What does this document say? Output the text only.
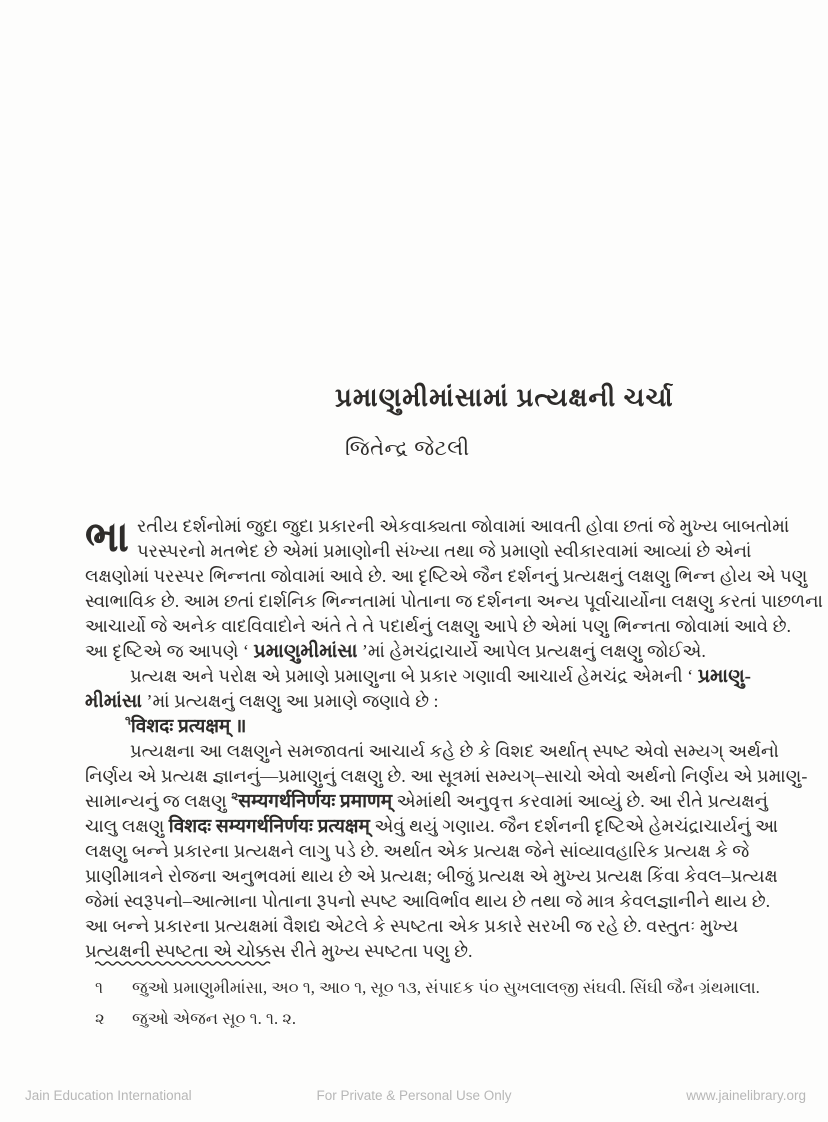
પ્રમાણુમીમાંસામાં પ્રત્યક્ષની ચર્ચા
જિતેન્દ્ર જેટલી
ભા રતીય દર્શનોમાં જુદા જુદા પ્રકારની એકવાક્યતા જોવામાં આવતી હોવા છતાં જે મુખ્ય બાબતોમાં
પરસ્પરનો મતભેદ છે એમાં પ્રમાણોની સંખ્યા તથા જે પ્રમાણો સ્વીકારવામાં આવ્યાં છે એનાં
લક્ષણોમાં પરસ્પર ભિન્નતા જોવામાં આવે છે. આ દૃષ્ટિએ જૈન દર્શનનું પ્રત્યક્ષનું લક્ષણુ ભિન્ન હોય એ પણુ
સ્વાભાવિક છે. આમ છતાં દાર્શનિક ભિન્નતામાં પોતાના જ દર્શનના અન્ય પૂર્વાચાર્યોના લક્ષણુ કરતાં પાછળના
આચાર્યો જે અનેક વાદવિવાદોને અંતે તે તે પદાર્થનું લક્ષણુ આપે છે એમાં પણુ ભિન્નતા જોવામાં આવે છે.
આ દૃષ્ટિએ જ આપણે ‘ પ્રમાણુમીમાંસા ’માં હેમચંદ્રાચાર્યે આપેલ પ્રત્યક્ષનું લક્ષણુ જોઈએ.
પ્રત્યક્ષ અને પરોક્ષ એ પ્રમાણે પ્રમાણુના બે પ્રકાર ગણાવી આચાર્ય હેમચંદ્ર એમની ‘ પ્રમાણુ-
મીમાંસા ’માં પ્રત્યક્ષનું લક્ષણુ આ પ્રમાણે જણાવે છે :
$^૧$विशदः प्रत्यक्षम् ॥
પ્રત્યક્ષના આ લક્ષણુને સમજાવતાં આચાર્ય કહે છે કે વિશદ અર્થાત્ સ્પષ્ટ એવો સમ્યગ્ અર્થનો
નિર્ણય એ પ્રત્યક્ષ જ્ઞાનનું—પ્રમાણુનું લક્ષણુ છે. આ સૂત્રમાં સમ્યગ્–સાચો એવો અર્થનો નિર્ણય એ પ્રમાણુ-
સામાન્યનું જ લક્ષણુ $^૨$सम्यगर्थनिर्णयः प्रमाणम् એમાંથી અનુવૃત્ત કરવામાં આવ્યું છે. આ રીતે પ્રત્યક્ષનું
ચાલુ લક્ષણુ विशदः सम्यगर्थनिर्णयः प्रत्यक्षम् એવું થયું ગણાય. જૈન દર્શનની દૃષ્ટિએ હેમચંદ્રાચાર્યનું આ
લક્ષણુ બન્ને પ્રકારના પ્રત્યક્ષને લાગુ પડે છે. અર્થાત એક પ્રત્યક્ષ જેને સાંવ્યાવહારિક પ્રત્યક્ષ કે જે
પ્રાણીમાત્રને રોજના અનુભવમાં થાય છે એ પ્રત્યક્ષ; બીજું પ્રત્યક્ષ એ મુખ્ય પ્રત્યક્ષ કિંવા કેવલ–પ્રત્યક્ષ
જેમાં સ્વરૂપનો–આત્માના પોતાના રૂપનો સ્પષ્ટ આવિર્ભાવ થાય છે તથા જે માત્ર કેવલજ્ઞાનીને થાય છે.
આ બન્ને પ્રકારના પ્રત્યક્ષમાં વૈશદ્ય એટલે કે સ્પષ્ટતા એક પ્રકારે સરખી જ રહે છે. વસ્તુતઃ મુખ્ય
પ્રત્યક્ષની સ્પષ્ટતા એ ચોક્કસ રીતે મુખ્ય સ્પષ્ટતા પણુ છે.
૧ જુઓ પ્રમાણુમીમાંસા, અ૦ ૧, આ૦ ૧, સૂ૦ ૧૩, સંપાદક પં૦ સુખલાલજી સંઘવી. સિંઘી જૈન ગ્રંથમાલા.
૨ જુઓ એજન સૂ૦ ૧. ૧. ૨.
Jain Education International	For Private & Personal Use Only	www.jainelibrary.org
